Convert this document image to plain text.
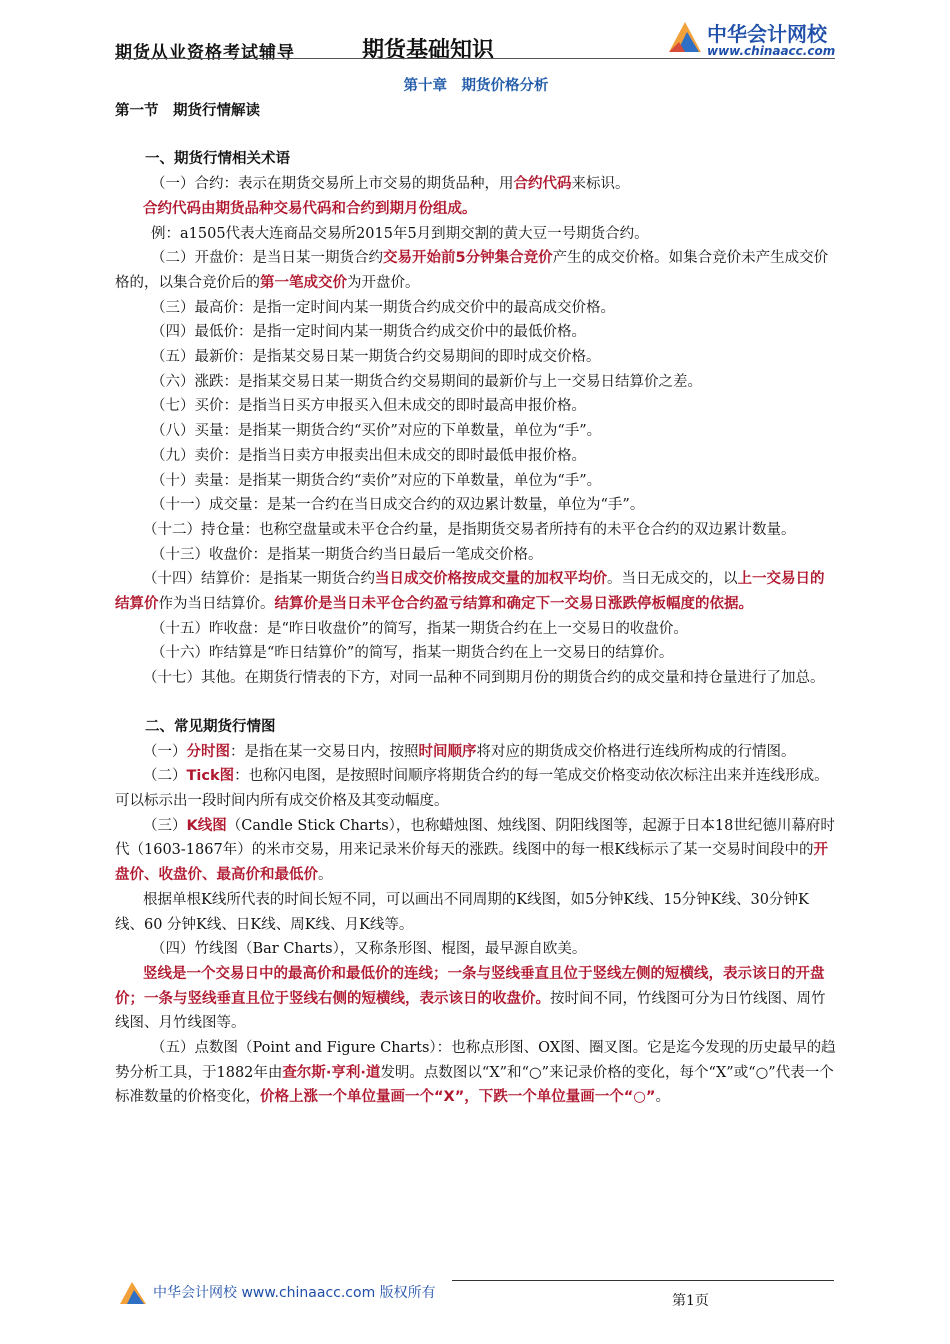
期货从业资格考试辅导	期货基础知识
中华会计网校
www.chinaacc.com

第十章　期货价格分析

第一节　期货行情解读

一、期货行情相关术语

（一）合约：表示在期货交易所上市交易的期货品种，用合约代码来标识。

合约代码由期货品种交易代码和合约到期月份组成。

例：a1505代表大连商品交易所2015年5月到期交割的黄大豆一号期货合约。

（二）开盘价：是当日某一期货合约交易开始前5分钟集合竞价产生的成交价格。如集合竞价未产生成交价格的，以集合竞价后的第一笔成交价为开盘价。

（三）最高价：是指一定时间内某一期货合约成交价中的最高成交价格。

（四）最低价：是指一定时间内某一期货合约成交价中的最低价格。

（五）最新价：是指某交易日某一期货合约交易期间的即时成交价格。

（六）涨跌：是指某交易日某一期货合约交易期间的最新价与上一交易日结算价之差。

（七）买价：是指当日买方申报买入但未成交的即时最高申报价格。

（八）买量：是指某一期货合约“买价”对应的下单数量，单位为“手”。

（九）卖价：是指当日卖方申报卖出但未成交的即时最低申报价格。

（十）卖量：是指某一期货合约“卖价”对应的下单数量，单位为“手”。

（十一）成交量：是某一合约在当日成交合约的双边累计数量，单位为“手”。

（十二）持仓量：也称空盘量或未平仓合约量，是指期货交易者所持有的未平仓合约的双边累计数量。

（十三）收盘价：是指某一期货合约当日最后一笔成交价格。

（十四）结算价：是指某一期货合约当日成交价格按成交量的加权平均价。当日无成交的，以上一交易日的结算价作为当日结算价。结算价是当日未平仓合约盈亏结算和确定下一交易日涨跌停板幅度的依据。

（十五）昨收盘：是“昨日收盘价”的简写，指某一期货合约在上一交易日的收盘价。

（十六）昨结算是“昨日结算价”的简写，指某一期货合约在上一交易日的结算价。

（十七）其他。在期货行情表的下方，对同一品种不同到期月份的期货合约的成交量和持仓量进行了加总。

二、常见期货行情图

（一）分时图：是指在某一交易日内，按照时间顺序将对应的期货成交价格进行连线所构成的行情图。

（二）Tick图：也称闪电图，是按照时间顺序将期货合约的每一笔成交价格变动依次标注出来并连线形成。可以标示出一段时间内所有成交价格及其变动幅度。

（三）K线图（Candle Stick Charts），也称蜡烛图、烛线图、阴阳线图等，起源于日本18世纪德川幕府时代（1603-1867年）的米市交易，用来记录米价每天的涨跌。线图中的每一根K线标示了某一交易时间段中的开盘价、收盘价、最高价和最低价。

根据单根K线所代表的时间长短不同，可以画出不同周期的K线图，如5分钟K线、15分钟K线、30分钟K线、60 分钟K线、日K线、周K线、月K线等。

（四）竹线图（Bar Charts），又称条形图、棍图，最早源自欧美。

竖线是一个交易日中的最高价和最低价的连线；一条与竖线垂直且位于竖线左侧的短横线，表示该日的开盘价；一条与竖线垂直且位于竖线右侧的短横线，表示该日的收盘价。按时间不同，竹线图可分为日竹线图、周竹线图、月竹线图等。

（五）点数图（Point and Figure Charts）：也称点形图、OX图、圈叉图。它是迄今发现的历史最早的趋势分析工具，于1882年由查尔斯·亨利·道发明。点数图以“X”和“○”来记录价格的变化，每个“X”或“○”代表一个标准数量的价格变化，价格上涨一个单位量画一个“X”，下跌一个单位量画一个“○”。

中华会计网校 www.chinaacc.com 版权所有	第1页
